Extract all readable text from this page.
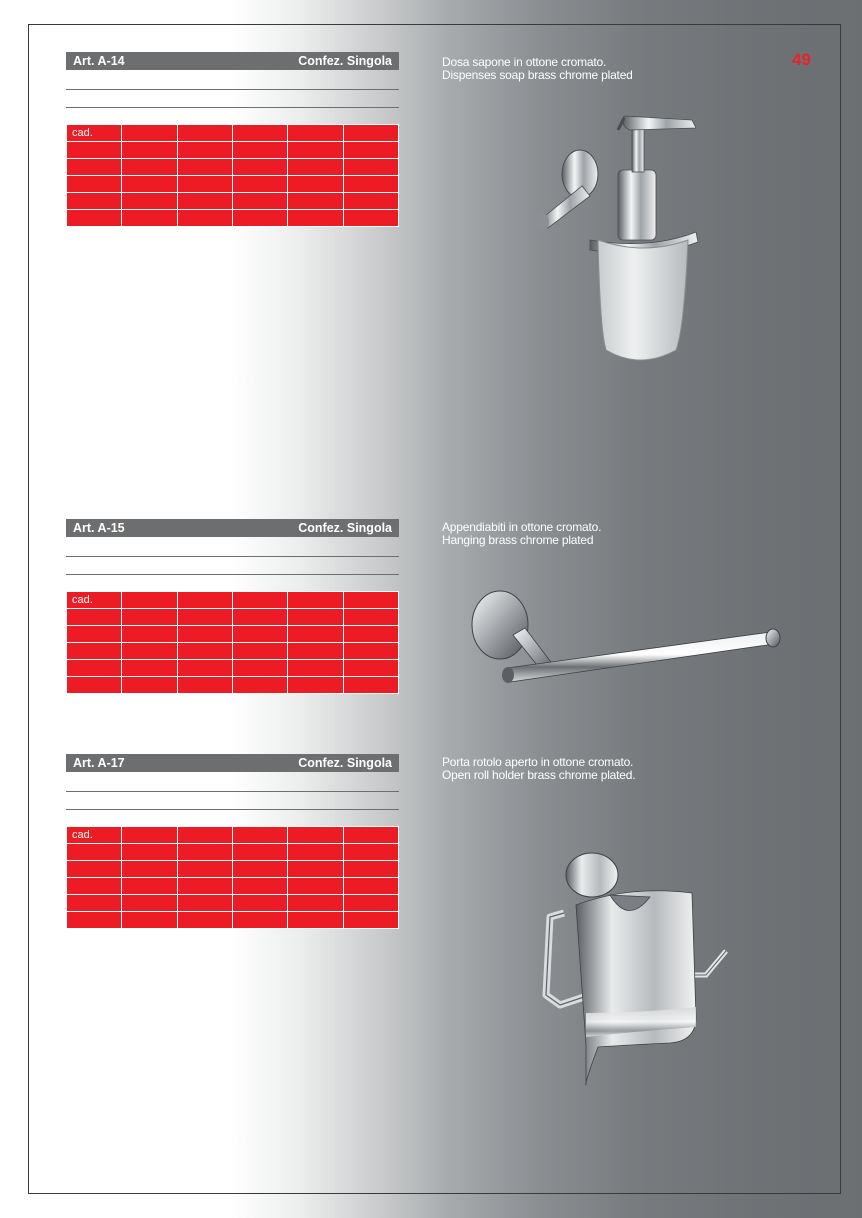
49
Art. A-14	Confez. Singola
cad.					

Dosa sapone in ottone cromato.
Dispenses soap brass chrome plated
Art. A-15	Confez. Singola
cad.					

Appendiabiti in ottone cromato.
Hanging brass chrome plated
Art. A-17	Confez. Singola
cad.					

Porta rotolo aperto in ottone cromato.
Open roll holder brass chrome plated.
